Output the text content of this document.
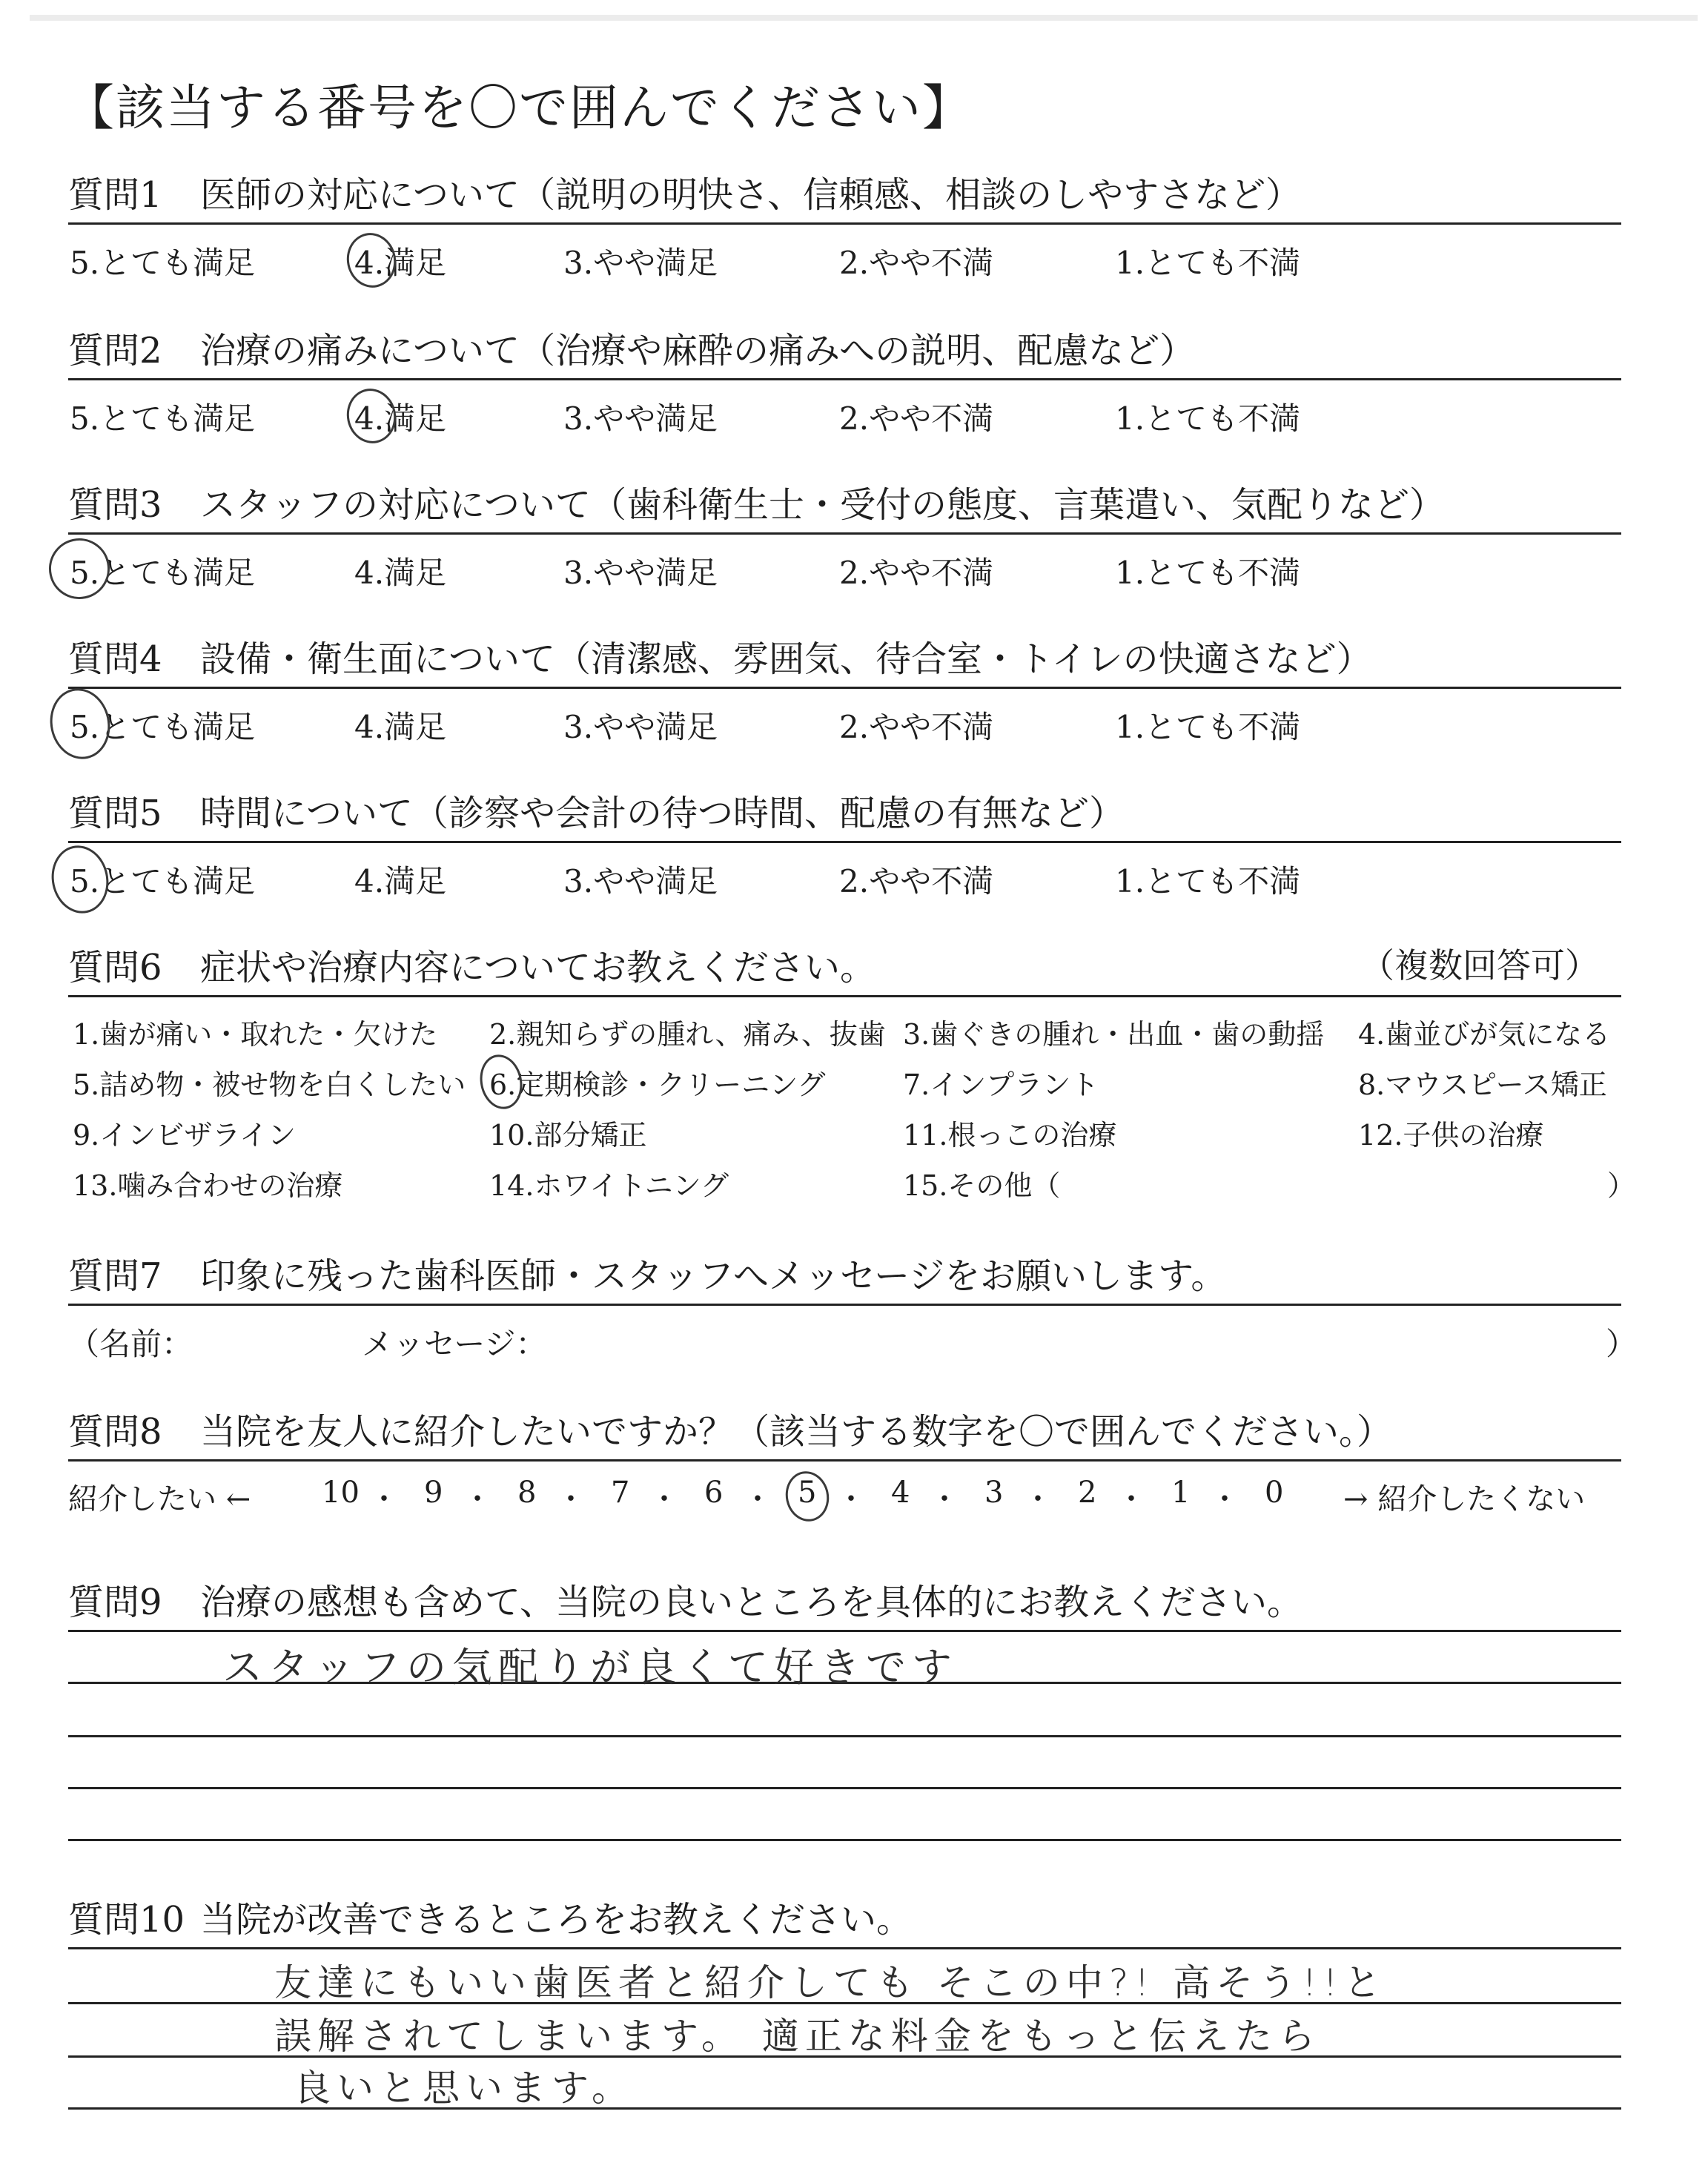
【該当する番号を〇で囲んでください】
質問1 医師の対応について（説明の明快さ、信頼感、相談のしやすさなど）
5.とても満足	4.満足	3.やや満足	2.やや不満	1.とても不満
質問2 治療の痛みについて（治療や麻酔の痛みへの説明、配慮など）
5.とても満足	4.満足	3.やや満足	2.やや不満	1.とても不満
質問3 スタッフの対応について（歯科衛生士・受付の態度、言葉遣い、気配りなど）
5.とても満足	4.満足	3.やや満足	2.やや不満	1.とても不満
質問4 設備・衛生面について（清潔感、雰囲気、待合室・トイレの快適さなど）
5.とても満足	4.満足	3.やや満足	2.やや不満	1.とても不満
質問5 時間について（診察や会計の待つ時間、配慮の有無など）
5.とても満足	4.満足	3.やや満足	2.やや不満	1.とても不満
質問6 症状や治療内容についてお教えください。	（複数回答可）
1.歯が痛い・取れた・欠けた 2.親知らずの腫れ、痛み、抜歯 3.歯ぐきの腫れ・出血・歯の動揺 4.歯並びが気になる
5.詰め物・被せ物を白くしたい 6.定期検診・クリーニング	7.インプラント	8.マウスピース矯正
9.インビザライン	10.部分矯正	11.根っこの治療	12.子供の治療
13.噛み合わせの治療	14.ホワイトニング	15.その他（	）
質問7 印象に残った歯科医師・スタッフへメッセージをお願いします。
（名前：	メッセージ：	）
質問8 当院を友人に紹介したいですか？（該当する数字を〇で囲んでください。）
紹介したい ← 10 ・ 9 ・ 8 ・ 7 ・ 6 ・ 5 ・ 4 ・ 3 ・ 2 ・ 1 ・ 0 → 紹介したくない
質問9 治療の感想も含めて、当院の良いところを具体的にお教えください。
スタッフの気配りが良くて好きです
質問10 当院が改善できるところをお教えください。
友達にもいい歯医者と紹介しても そこの中?! 高そう!!と
誤解されてしまいます。 適正な料金をもっと伝えたら
良いと思います。
